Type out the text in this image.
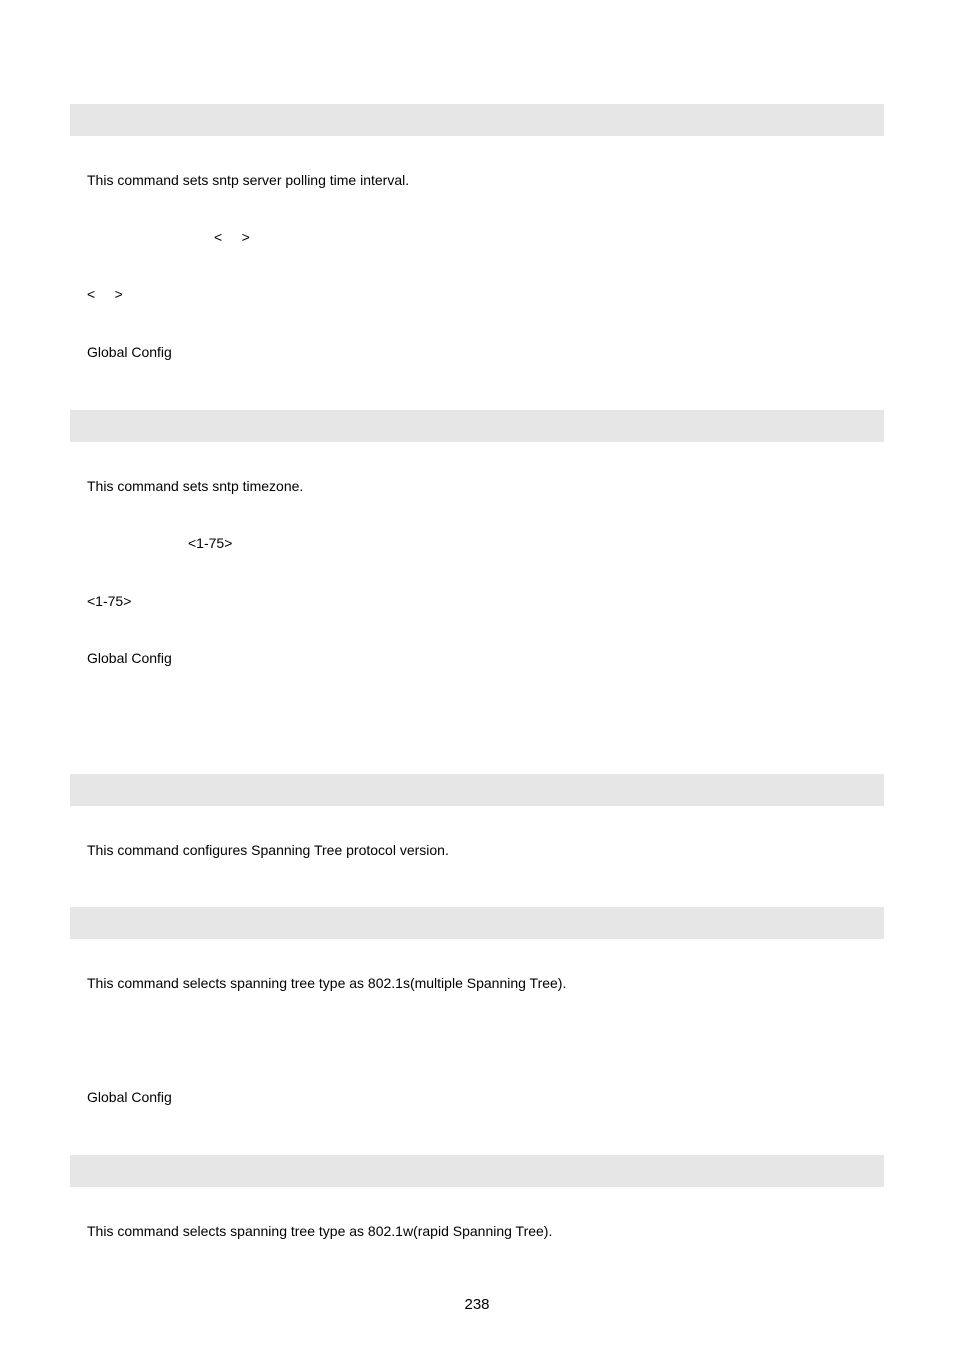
This command sets sntp server polling time interval.
<     >
<     >
Global Config
This command sets sntp timezone.
<1-75>
<1-75>
Global Config
This command configures Spanning Tree protocol version.
This command selects spanning tree type as 802.1s(multiple Spanning Tree).
Global Config
This command selects spanning tree type as 802.1w(rapid Spanning Tree).
238
